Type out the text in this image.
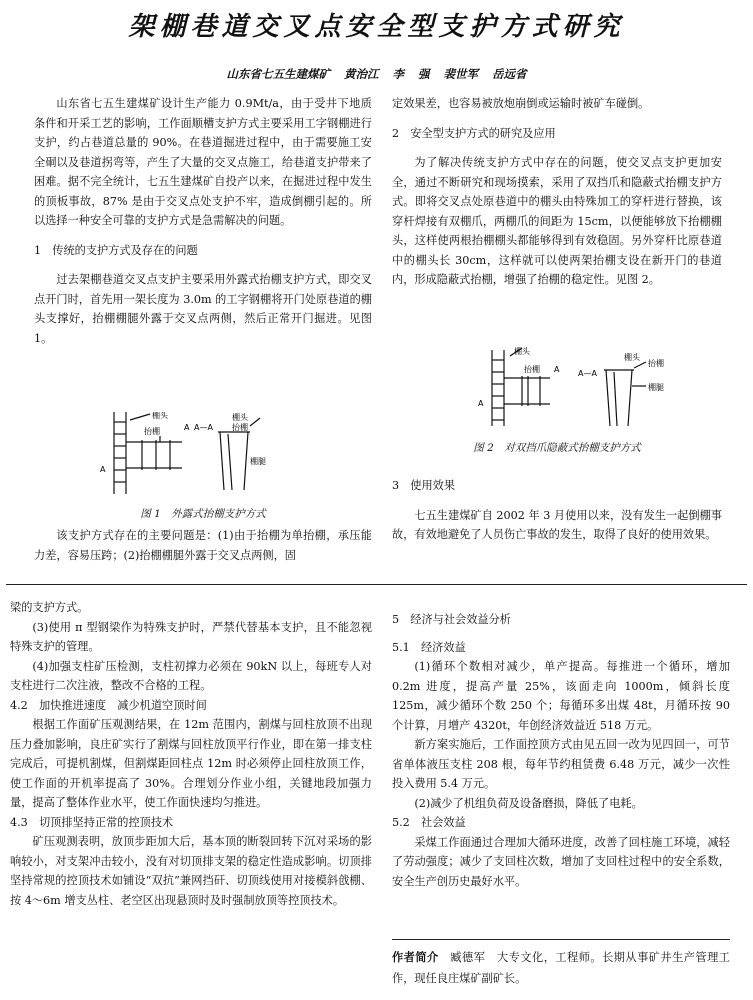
架棚巷道交叉点安全型支护方式研究
山东省七五生建煤矿 黄治江 李 强 裴世军 岳远省

山东省七五生建煤矿设计生产能力 0.9Mt/a，由于受井下地质条件和开采工艺的影响，工作面顺槽支护方式主要采用工字钢棚进行支护，约占巷道总量的 90%。在巷道掘进过程中，由于需要施工安全硐以及巷道拐弯等，产生了大量的交叉点施工，给巷道支护带来了困难。据不完全统计，七五生建煤矿自投产以来，在掘进过程中发生的顶板事故，87% 是由于交叉点处支护不牢，造成倒棚引起的。所以选择一种安全可靠的支护方式是急需解决的问题。

1　传统的支护方式及存在的问题

过去架棚巷道交叉点支护主要采用外露式抬棚支护方式，即交叉点开门时，首先用一架长度为 3.0m 的工字钢棚将开门处原巷道的棚头支撑好，抬棚棚腿外露于交叉点两侧，然后正常开门掘进。见图 1。

棚头
抬棚
棚头
抬棚
棚腿
A
A
A—A
图 1　外露式抬棚支护方式

该支护方式存在的主要问题是：(1)由于抬棚为单抬棚，承压能力差，容易压跨；(2)抬棚棚腿外露于交叉点两侧，固

定效果差，也容易被放炮崩倒或运输时被矿车碰倒。

2　安全型支护方式的研究及应用

为了解决传统支护方式中存在的问题，使交叉点支护更加安全，通过不断研究和现场摸索，采用了双挡爪和隐蔽式抬棚支护方式。即将交叉点处原巷道中的棚头由特殊加工的穿杆进行替换，该穿杆焊接有双棚爪，两棚爪的间距为 15cm，以便能够放下抬棚棚头，这样使两根抬棚棚头都能够得到有效稳固。另外穿杆比原巷道中的棚头长 30cm，这样就可以使两架抬棚支设在新开门的巷道内，形成隐蔽式抬棚，增强了抬棚的稳定性。见图 2。

棚头
抬棚
棚头
抬棚
棚腿
A
A
A—A
图 2　对双挡爪隐蔽式抬棚支护方式
3　使用效果

七五生建煤矿自 2002 年 3 月使用以来，没有发生一起倒棚事故，有效地避免了人员伤亡事故的发生，取得了良好的使用效果。

梁的支护方式。

(3)使用 π 型钢梁作为特殊支护时，严禁代替基本支护，且不能忽视特殊支护的管理。

(4)加强支柱矿压检测，支柱初撑力必须在 90kN 以上，每班专人对支柱进行二次注液，整改不合格的工程。

4.2　加快推进速度　减少机道空顶时间

根据工作面矿压观测结果，在 12m 范围内，割煤与回柱放顶不出现压力叠加影响，良庄矿实行了割煤与回柱放顶平行作业，即在第一排支柱完成后，可提机割煤，但割煤距回柱点 12m 时必须停止回柱放顶工作，使工作面的开机率提高了 30%。合理划分作业小组，关键地段加强力量，提高了整体作业水平，使工作面快速均匀推进。

4.3　切顶排坚持正常的控顶技术

矿压观测表明，放顶步距加大后，基本顶的断裂回转下沉对采场的影响较小，对支架冲击较小，没有对切顶排支架的稳定性造成影响。切顶排坚持常规的控顶技术如铺设“双抗”兼网挡矸、切顶线使用对接模斜戗棚、按 4～6m 增支丛柱、老空区出现悬顶时及时强制放顶等控顶技术。

5　经济与社会效益分析
5.1　经济效益

(1)循环个数相对减少，单产提高。每推进一个循环，增加 0.2m 进度，提高产量 25%，该面走向 1000m，倾斜长度 125m，减少循环个数 250 个；每循环多出煤 48t，月循环按 90 个计算，月增产 4320t，年创经济效益近 518 万元。

新方案实施后，工作面控顶方式由见五回一改为见四回一，可节省单体液压支柱 208 根，每年节约租赁费 6.48 万元，减少一次性投入费用 5.4 万元。

(2)减少了机组负荷及设备磨损，降低了电耗。

5.2　社会效益

采煤工作面通过合理加大循环进度，改善了回柱施工环境，减轻了劳动强度；减少了支回柱次数，增加了支回柱过程中的安全系数，安全生产创历史最好水平。

作者简介　 臧德军　大专文化，工程师。长期从事矿井生产管理工作，现任良庄煤矿副矿长。
